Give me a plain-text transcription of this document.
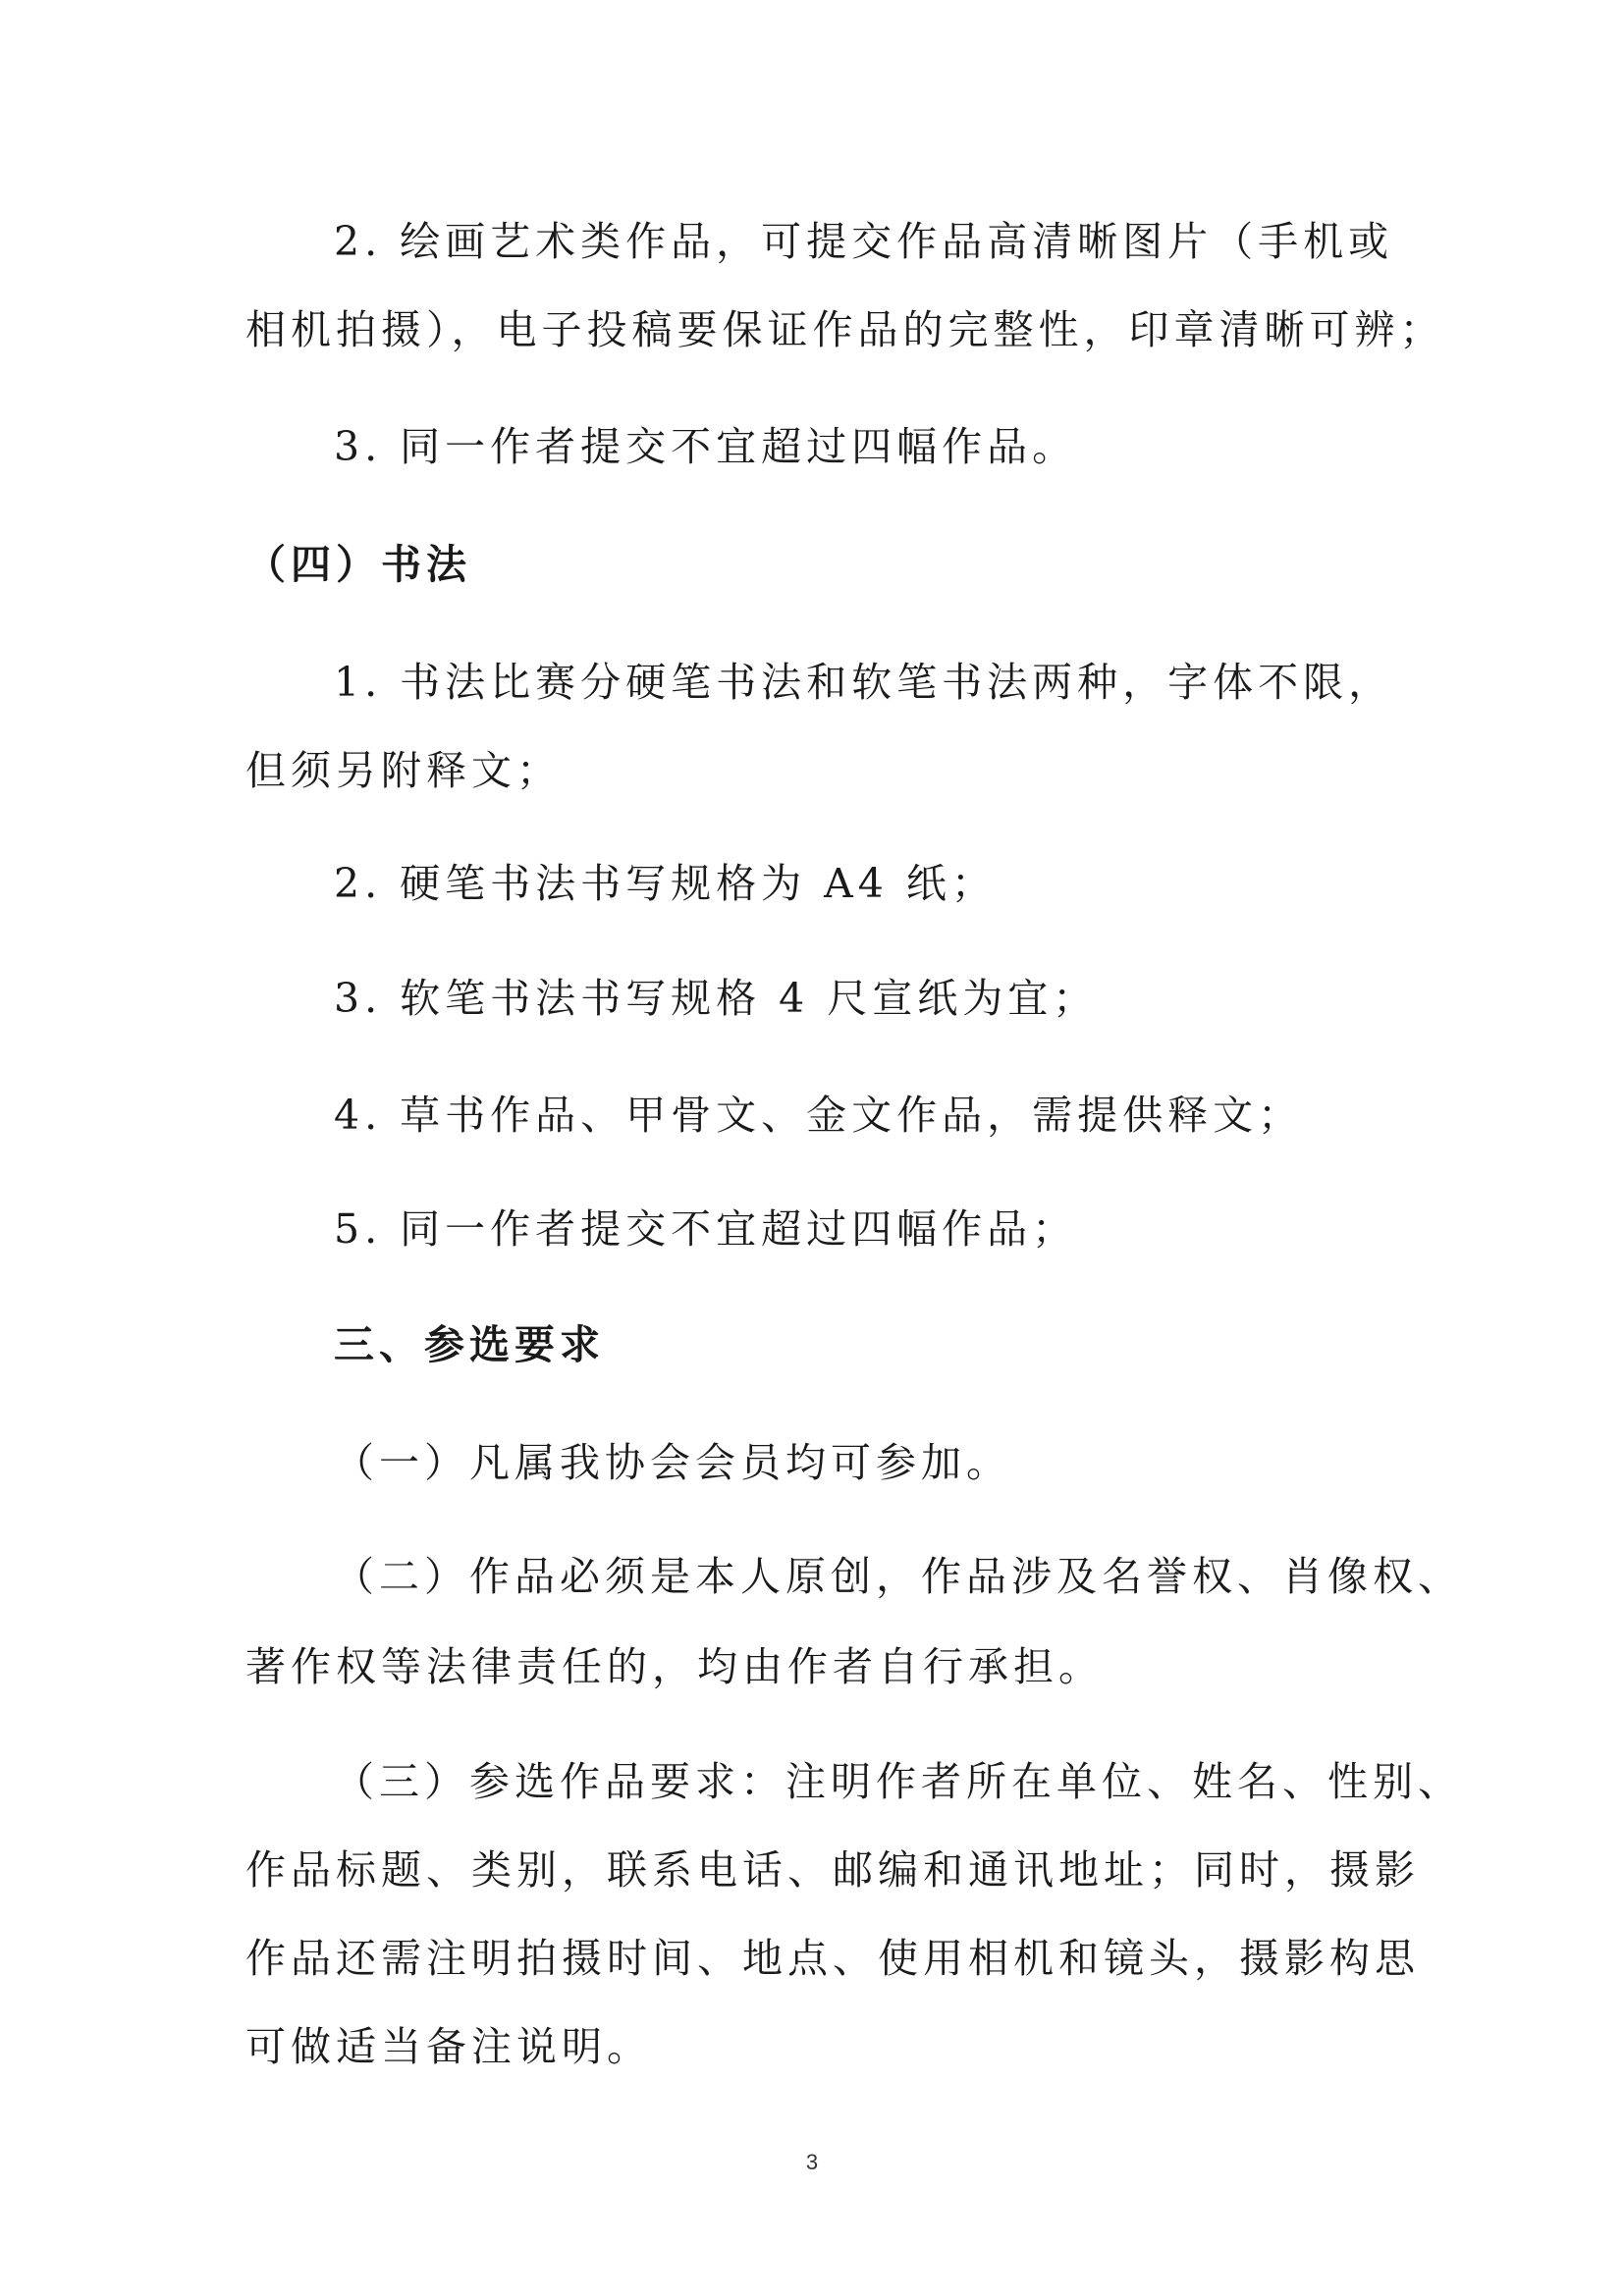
2. 绘画艺术类作品，可提交作品高清晰图片（手机或
相机拍摄），电子投稿要保证作品的完整性，印章清晰可辨；
3. 同一作者提交不宜超过四幅作品。
（四）书法
1. 书法比赛分硬笔书法和软笔书法两种，字体不限，
但须另附释文；
2. 硬笔书法书写规格为 A4 纸；
3. 软笔书法书写规格 4 尺宣纸为宜；
4. 草书作品、甲骨文、金文作品，需提供释文；
5. 同一作者提交不宜超过四幅作品；
三、参选要求
（一）凡属我协会会员均可参加。
（二）作品必须是本人原创，作品涉及名誉权、肖像权、
著作权等法律责任的，均由作者自行承担。
（三）参选作品要求：注明作者所在单位、姓名、性别、
作品标题、类别，联系电话、邮编和通讯地址；同时，摄影
作品还需注明拍摄时间、地点、使用相机和镜头，摄影构思
可做适当备注说明。
3
